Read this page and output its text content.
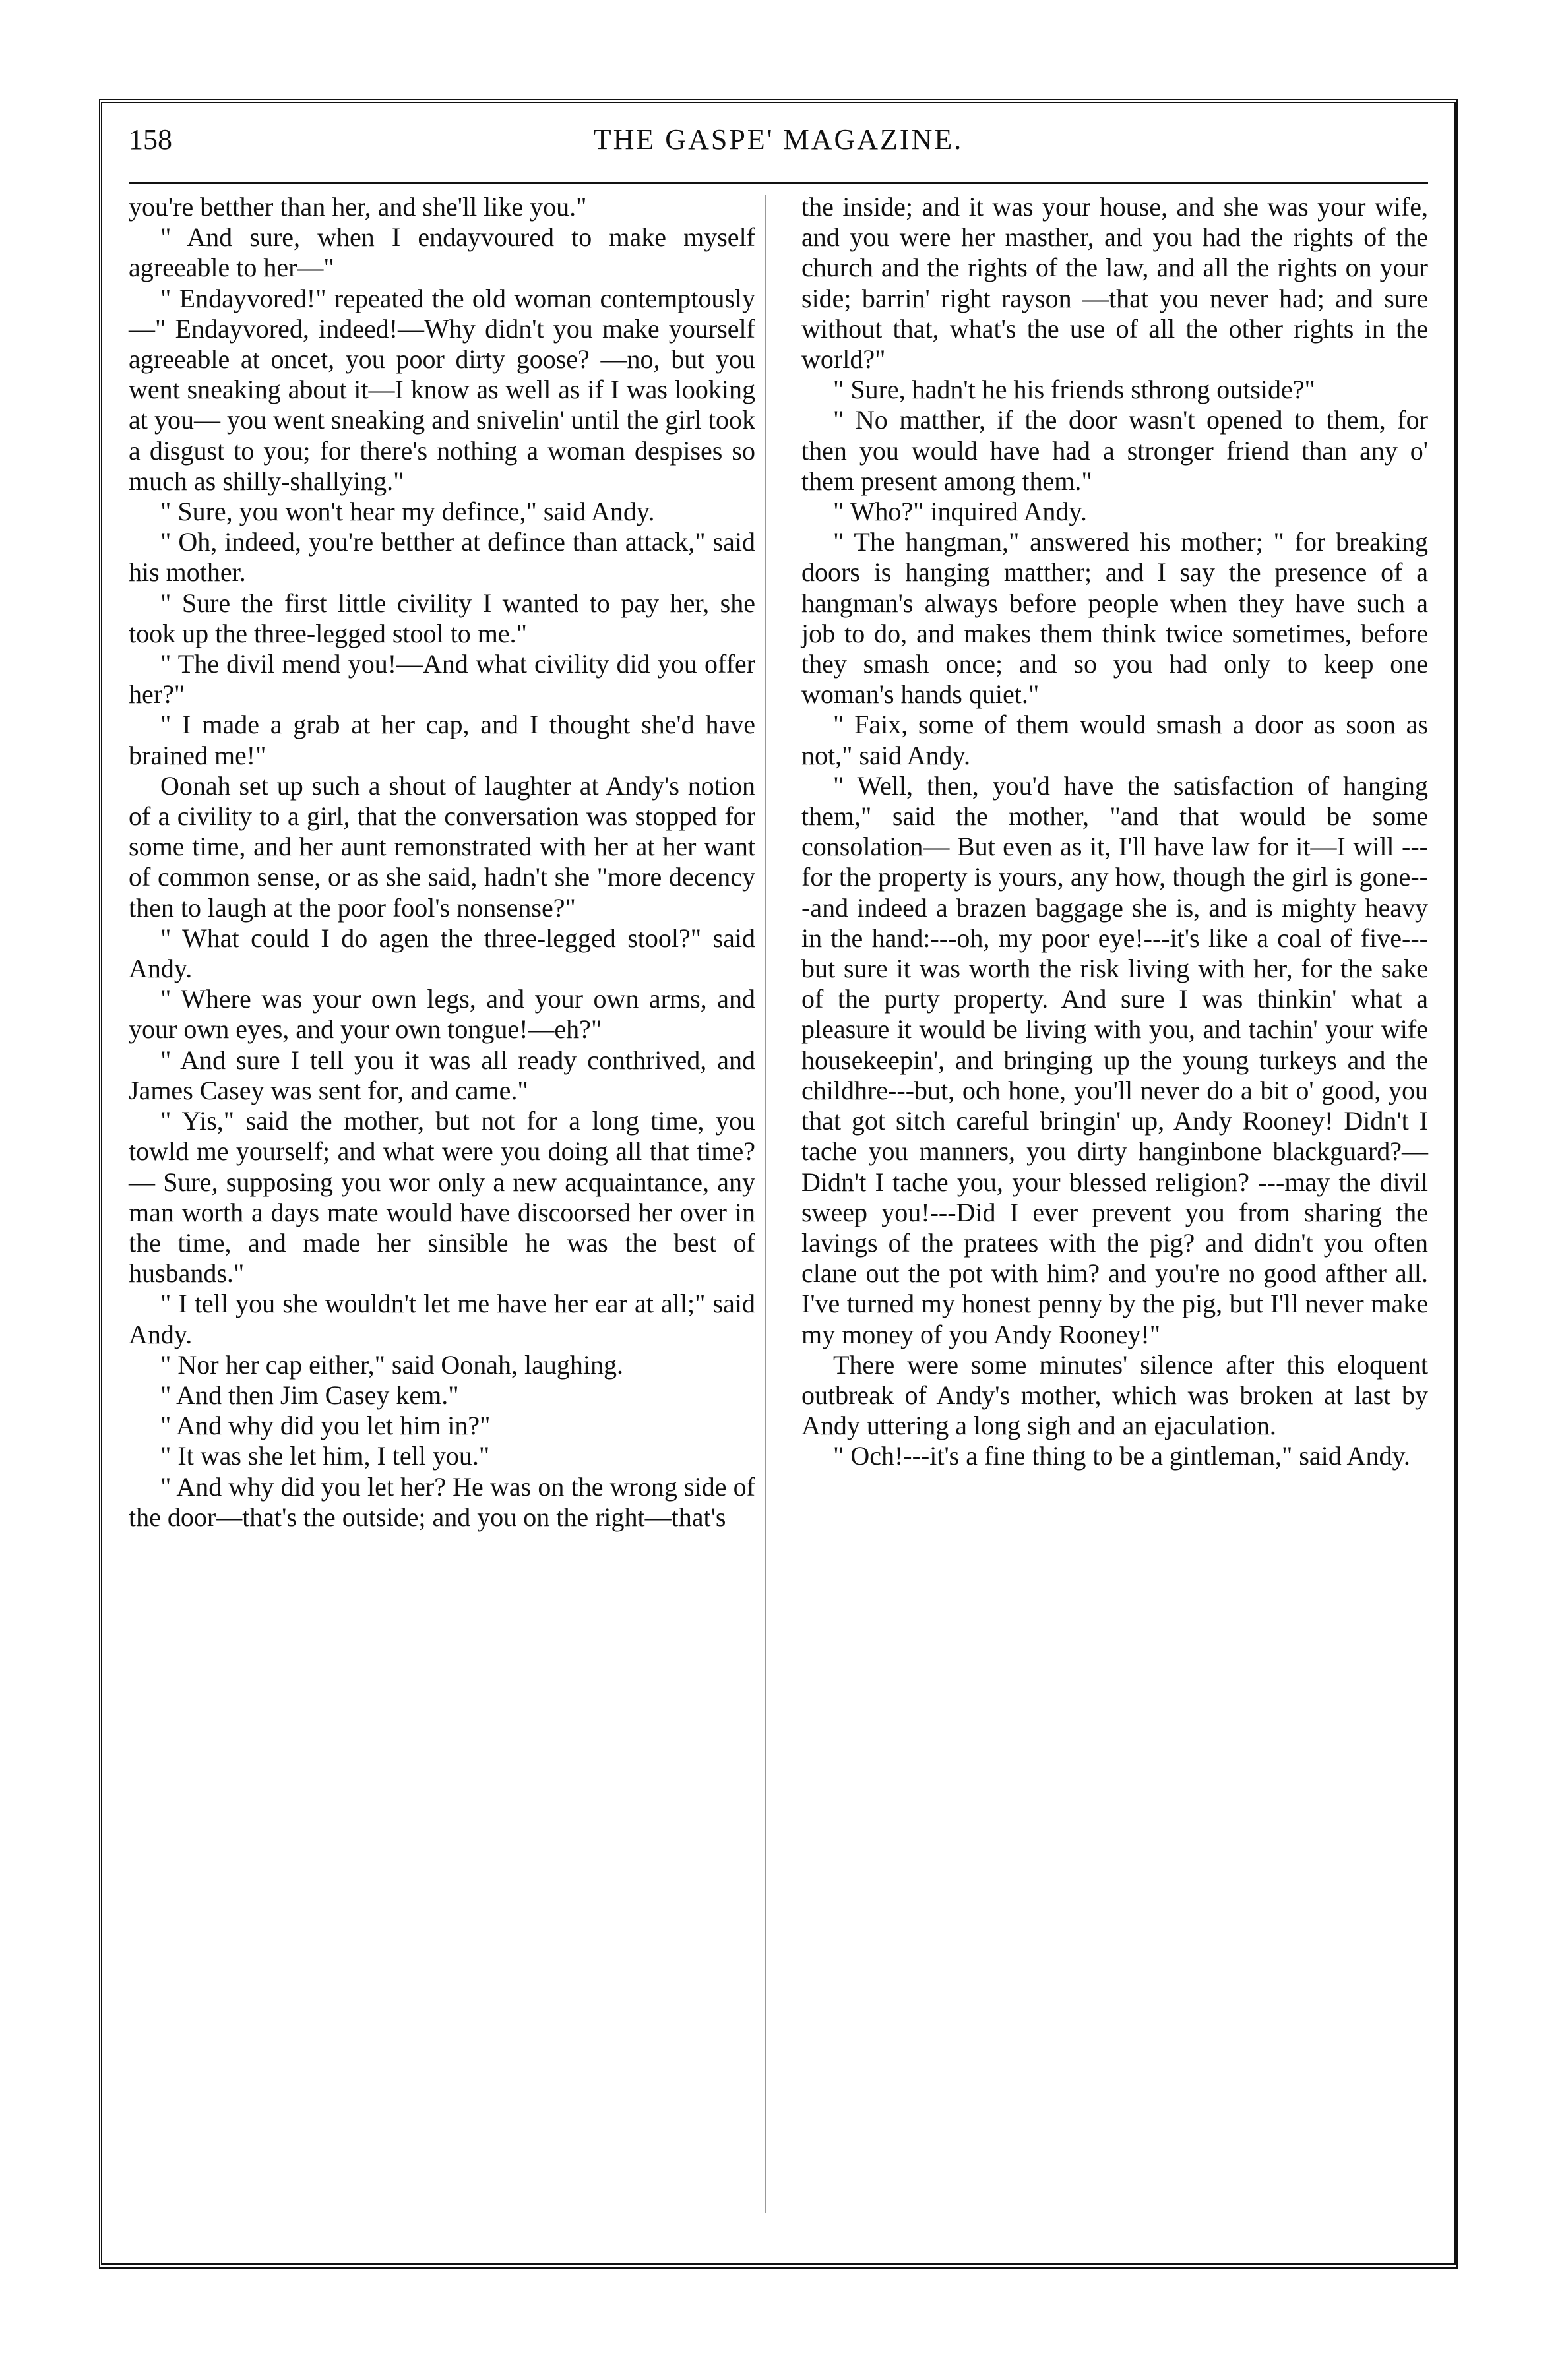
158	THE GASPE' MAGAZINE.

you're betther than her, and she'll like you."

" And sure, when I endayvoured to make myself agreeable to her—"

" Endayvored!" repeated the old woman contemptously—" Endayvored, indeed!—Why didn't you make yourself agreeable at oncet, you poor dirty goose? —no, but you went sneaking about it—I know as well as if I was looking at you— you went sneaking and snivelin' until the girl took a disgust to you; for there's nothing a woman despises so much as shilly-shallying."

" Sure, you won't hear my defince," said Andy.

" Oh, indeed, you're betther at defince than attack," said his mother.

" Sure the first little civility I wanted to pay her, she took up the three-legged stool to me."

" The divil mend you!—And what civility did you offer her?"

" I made a grab at her cap, and I thought she'd have brained me!"

Oonah set up such a shout of laughter at Andy's notion of a civility to a girl, that the conversation was stopped for some time, and her aunt remonstrated with her at her want of common sense, or as she said, hadn't she "more decency then to laugh at the poor fool's nonsense?"

" What could I do agen the three-legged stool?" said Andy.

" Where was your own legs, and your own arms, and your own eyes, and your own tongue!—eh?"

" And sure I tell you it was all ready conthrived, and James Casey was sent for, and came."

" Yis," said the mother, but not for a long time, you towld me yourself; and what were you doing all that time?— Sure, supposing you wor only a new acquaintance, any man worth a days mate would have discoorsed her over in the time, and made her sinsible he was the best of husbands."

" I tell you she wouldn't let me have her ear at all;" said Andy.

" Nor her cap either," said Oonah, laughing.

" And then Jim Casey kem."

" And why did you let him in?"

" It was she let him, I tell you."

" And why did you let her? He was on the wrong side of the door—that's the outside; and you on the right—that's

the inside; and it was your house, and she was your wife, and you were her masther, and you had the rights of the church and the rights of the law, and all the rights on your side; barrin' right rayson —that you never had; and sure without that, what's the use of all the other rights in the world?"

" Sure, hadn't he his friends sthrong outside?"

" No matther, if the door wasn't opened to them, for then you would have had a stronger friend than any o' them present among them."

" Who?" inquired Andy.

" The hangman," answered his mother; " for breaking doors is hanging matther; and I say the presence of a hangman's always before people when they have such a job to do, and makes them think twice sometimes, before they smash once; and so you had only to keep one woman's hands quiet."

" Faix, some of them would smash a door as soon as not," said Andy.

" Well, then, you'd have the satisfaction of hanging them," said the mother, "and that would be some consolation— But even as it, I'll have law for it—I will ---for the property is yours, any how, though the girl is gone---and indeed a brazen baggage she is, and is mighty heavy in the hand:---oh, my poor eye!---it's like a coal of five---but sure it was worth the risk living with her, for the sake of the purty property. And sure I was thinkin' what a pleasure it would be living with you, and tachin' your wife housekeepin', and bringing up the young turkeys and the childhre---but, och hone, you'll never do a bit o' good, you that got sitch careful bringin' up, Andy Rooney! Didn't I tache you manners, you dirty hanginbone blackguard?— Didn't I tache you, your blessed religion? ---may the divil sweep you!---Did I ever prevent you from sharing the lavings of the pratees with the pig? and didn't you often clane out the pot with him? and you're no good afther all. I've turned my honest penny by the pig, but I'll never make my money of you Andy Rooney!"

There were some minutes' silence after this eloquent outbreak of Andy's mother, which was broken at last by Andy uttering a long sigh and an ejaculation.

" Och!---it's a fine thing to be a gintleman," said Andy.
